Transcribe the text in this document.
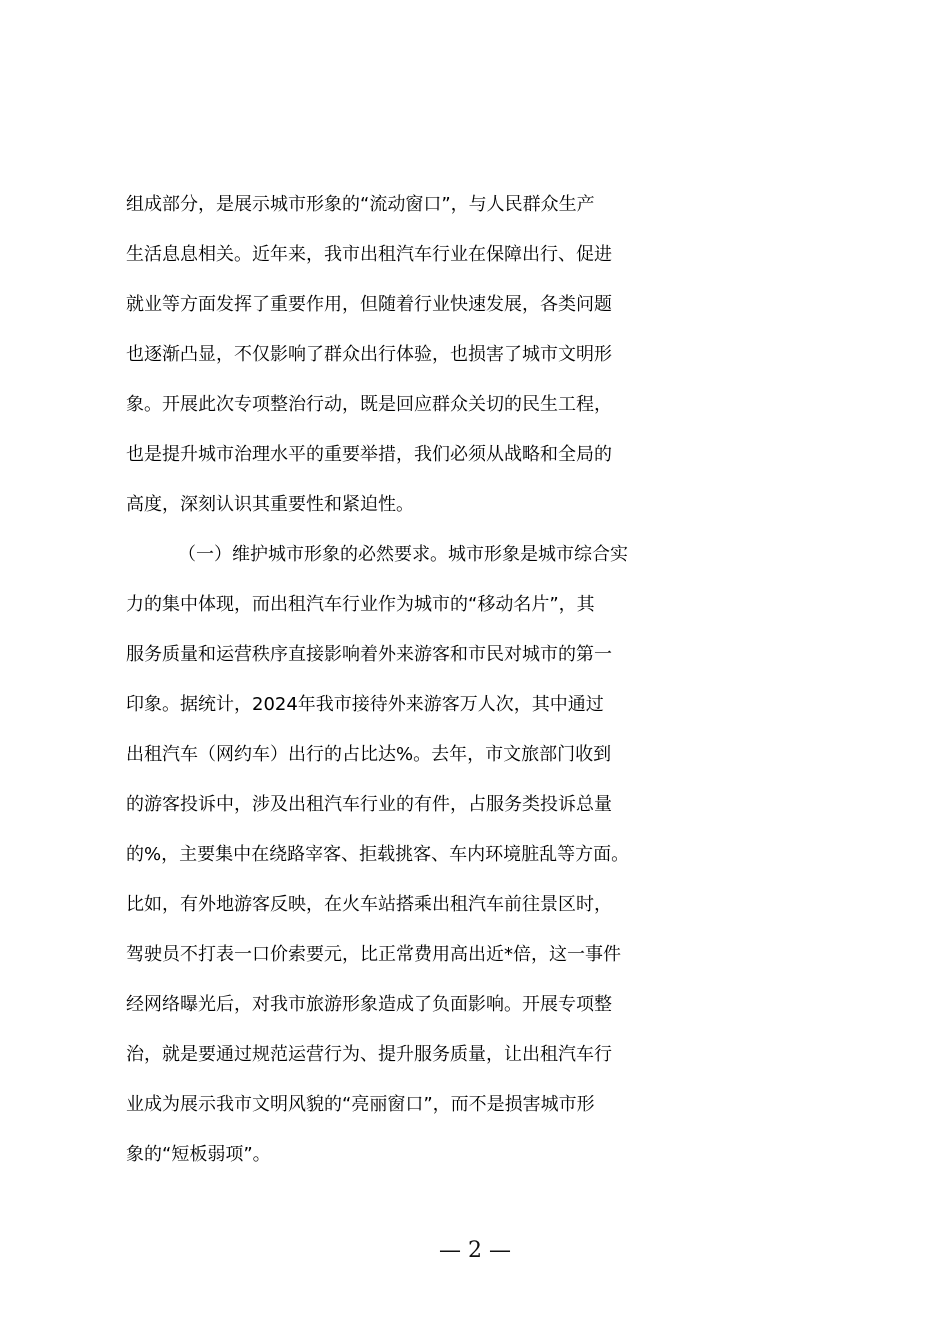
组成部分，是展示城市形象的“流动窗口”，与人民群众生产
生活息息相关。近年来，我市出租汽车行业在保障出行、促进
就业等方面发挥了重要作用，但随着行业快速发展，各类问题
也逐渐凸显，不仅影响了群众出行体验，也损害了城市文明形
象。开展此次专项整治行动，既是回应群众关切的民生工程，
也是提升城市治理水平的重要举措，我们必须从战略和全局的
高度，深刻认识其重要性和紧迫性。
（一）维护城市形象的必然要求。城市形象是城市综合实
力的集中体现，而出租汽车行业作为城市的“移动名片”，其
服务质量和运营秩序直接影响着外来游客和市民对城市的第一
印象。据统计，2024年我市接待外来游客万人次，其中通过
出租汽车（网约车）出行的占比达%。去年，市文旅部门收到
的游客投诉中，涉及出租汽车行业的有件，占服务类投诉总量
的%，主要集中在绕路宰客、拒载挑客、车内环境脏乱等方面。
比如，有外地游客反映，在火车站搭乘出租汽车前往景区时，
驾驶员不打表一口价索要元，比正常费用高出近*倍，这一事件
经网络曝光后，对我市旅游形象造成了负面影响。开展专项整
治，就是要通过规范运营行为、提升服务质量，让出租汽车行
业成为展示我市文明风貌的“亮丽窗口”，而不是损害城市形
象的“短板弱项”。
— 2 —
